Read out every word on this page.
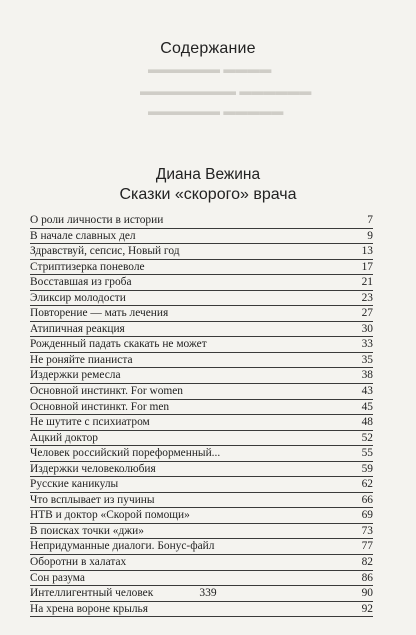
▬▬▬▬ ▬▬▬▬▬▬
▬▬▬▬▬▬ ▬▬▬▬▬▬▬▬
▬▬▬▬▬ ▬▬▬▬▬▬
Содержание
Диана Вежина
Сказки «скорого» врача
О роли личности в истории	7
В начале славных дел	9
Здравствуй, сепсис, Новый год	13
Стриптизерка поневоле	17
Восставшая из гроба	21
Эликсир молодости	23
Повторение — мать лечения	27
Атипичная реакция	30
Рожденный падать скакать не может	33
Не роняйте пианиста	35
Издержки ремесла	38
Основной инстинкт. For women	43
Основной инстинкт. For men	45
Не шутите с психиатром	48
Ацкий доктор	52
Человек российский пореформенный...	55
Издержки человеколюбия	59
Русские каникулы	62
Что всплывает из пучины	66
НТВ и доктор «Скорой помощи»	69
В поисках точки «джи»	73
Непридуманные диалоги. Бонус-файл	77
Оборотни в халатах	82
Сон разума	86
Интеллигентный человек	90
На хрена вороне крылья	92
339
